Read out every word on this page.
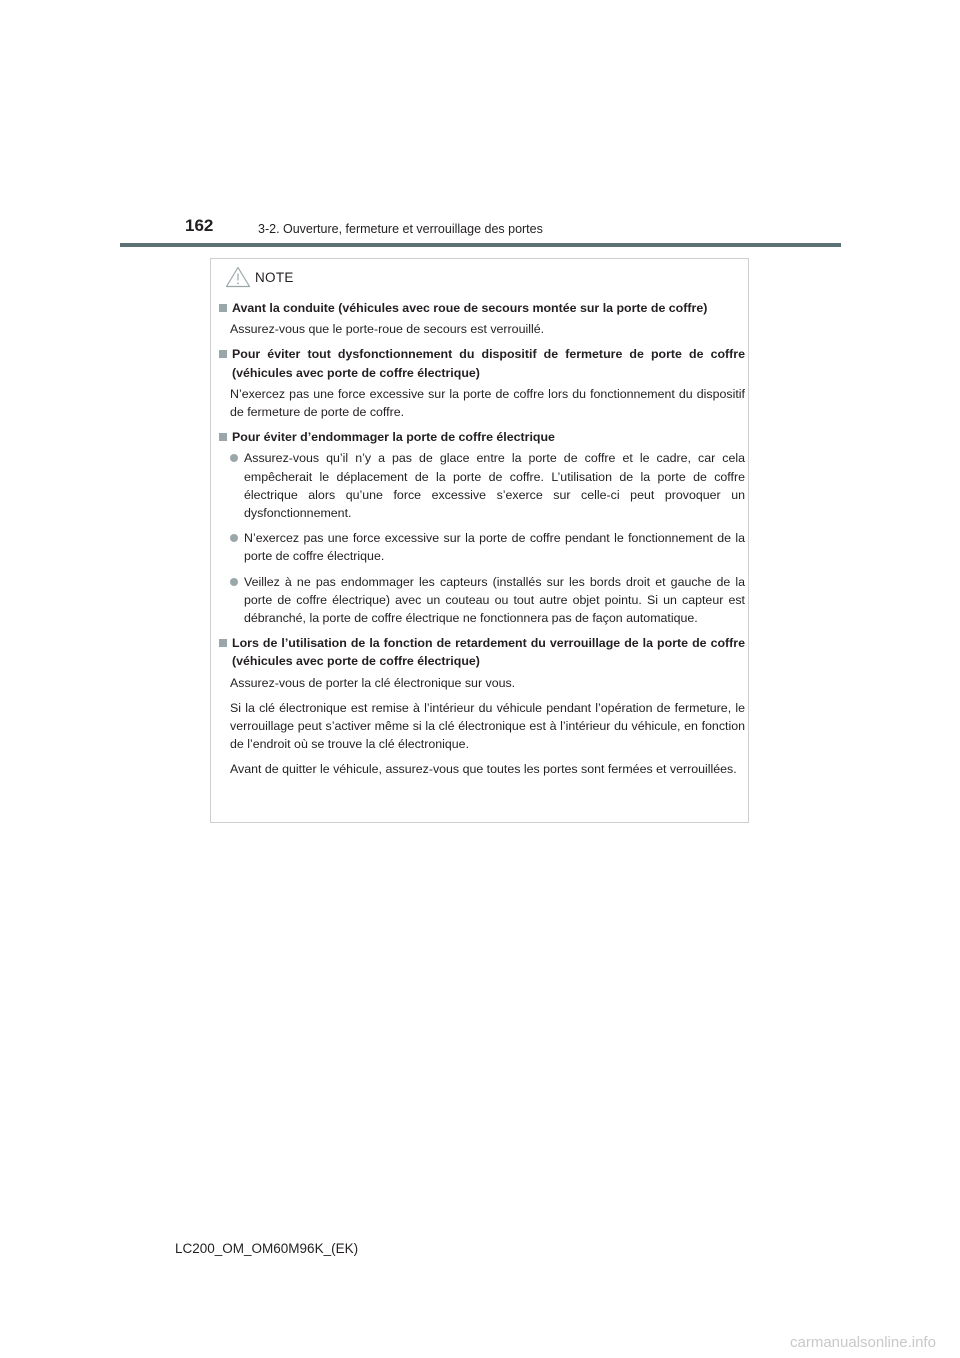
162	3-2. Ouverture, fermeture et verrouillage des portes
NOTE
Avant la conduite (véhicules avec roue de secours montée sur la porte de coffre)
Assurez-vous que le porte-roue de secours est verrouillé.
Pour éviter tout dysfonctionnement du dispositif de fermeture de porte de coffre (véhicules avec porte de coffre électrique)
N’exercez pas une force excessive sur la porte de coffre lors du fonctionnement du dispositif de fermeture de porte de coffre.
Pour éviter d’endommager la porte de coffre électrique
Assurez-vous qu’il n’y a pas de glace entre la porte de coffre et le cadre, car cela empêcherait le déplacement de la porte de coffre. L’utilisation de la porte de coffre électrique alors qu’une force excessive s’exerce sur celle-ci peut provoquer un dysfonctionnement.
N’exercez pas une force excessive sur la porte de coffre pendant le fonctionnement de la porte de coffre électrique.
Veillez à ne pas endommager les capteurs (installés sur les bords droit et gauche de la porte de coffre électrique) avec un couteau ou tout autre objet pointu. Si un capteur est débranché, la porte de coffre électrique ne fonctionnera pas de façon automatique.
Lors de l’utilisation de la fonction de retardement du verrouillage de la porte de coffre (véhicules avec porte de coffre électrique)
Assurez-vous de porter la clé électronique sur vous.
Si la clé électronique est remise à l’intérieur du véhicule pendant l’opération de fermeture, le verrouillage peut s’activer même si la clé électronique est à l’intérieur du véhicule, en fonction de l’endroit où se trouve la clé électronique.
Avant de quitter le véhicule, assurez-vous que toutes les portes sont fermées et verrouillées.
LC200_OM_OM60M96K_(EK)
carmanualsonline.info
